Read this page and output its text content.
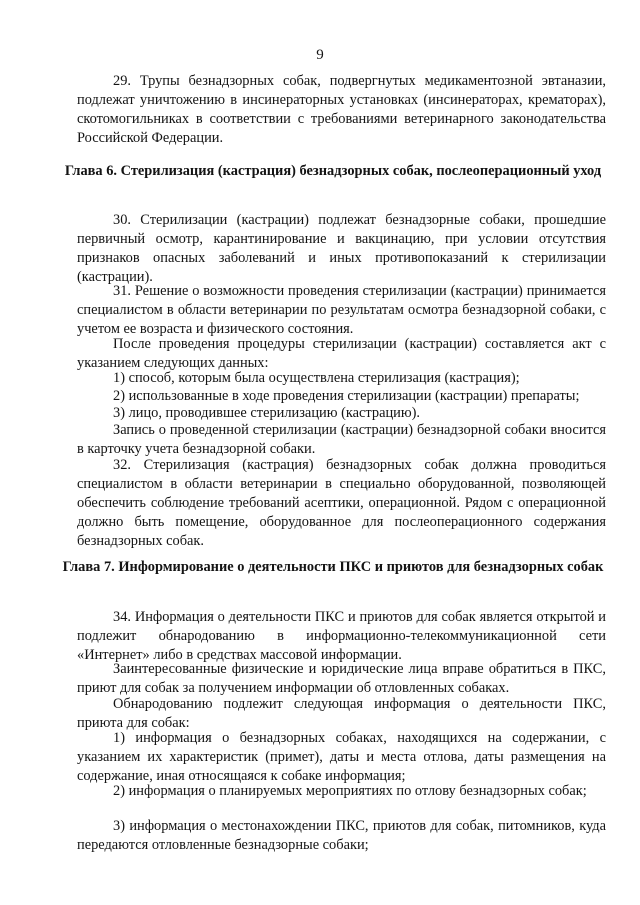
9

29. Трупы безнадзорных собак, подвергнутых медикаментозной эвтаназии, подлежат уничтожению в инсинераторных установках (инсинераторах, крематорах), скотомогильниках в соответствии с требованиями ветеринарного законодательства Российской Федерации.

Глава 6. Стерилизация (кастрация) безнадзорных собак, послеоперационный уход

30. Стерилизации (кастрации) подлежат безнадзорные собаки, прошедшие первичный осмотр, карантинирование и вакцинацию, при условии отсутствия признаков опасных заболеваний и иных противопоказаний к стерилизации (кастрации).

31. Решение о возможности проведения стерилизации (кастрации) принимается специалистом в области ветеринарии по результатам осмотра безнадзорной собаки, с учетом ее возраста и физического состояния.

После проведения процедуры стерилизации (кастрации) составляется акт с указанием следующих данных:

1) способ, которым была осуществлена стерилизация (кастрация);

2) использованные в ходе проведения стерилизации (кастрации) препараты;

3) лицо, проводившее стерилизацию (кастрацию).

Запись о проведенной стерилизации (кастрации) безнадзорной собаки вносится в карточку учета безнадзорной собаки.

32. Стерилизация (кастрация) безнадзорных собак должна проводиться специалистом в области ветеринарии в специально оборудованной, позволяющей обеспечить соблюдение требований асептики, операционной. Рядом с операционной должно быть помещение, оборудованное для послеоперационного содержания безнадзорных собак.

Глава 7. Информирование о деятельности ПКС и приютов для безнадзорных собак

34. Информация о деятельности ПКС и приютов для собак является открытой и подлежит обнародованию в информационно-телекоммуникационной сети «Интернет» либо в средствах массовой информации.

Заинтересованные физические и юридические лица вправе обратиться в ПКС, приют для собак за получением информации об отловленных собаках.

Обнародованию подлежит следующая информация о деятельности ПКС, приюта для собак:

1) информация о безнадзорных собаках, находящихся на содержании, с указанием их характеристик (примет), даты и места отлова, даты размещения на содержание, иная относящаяся к собаке информация;

2) информация о планируемых мероприятиях по отлову безнадзорных собак;

3) информация о местонахождении ПКС, приютов для собак, питомников, куда передаются отловленные безнадзорные собаки;
